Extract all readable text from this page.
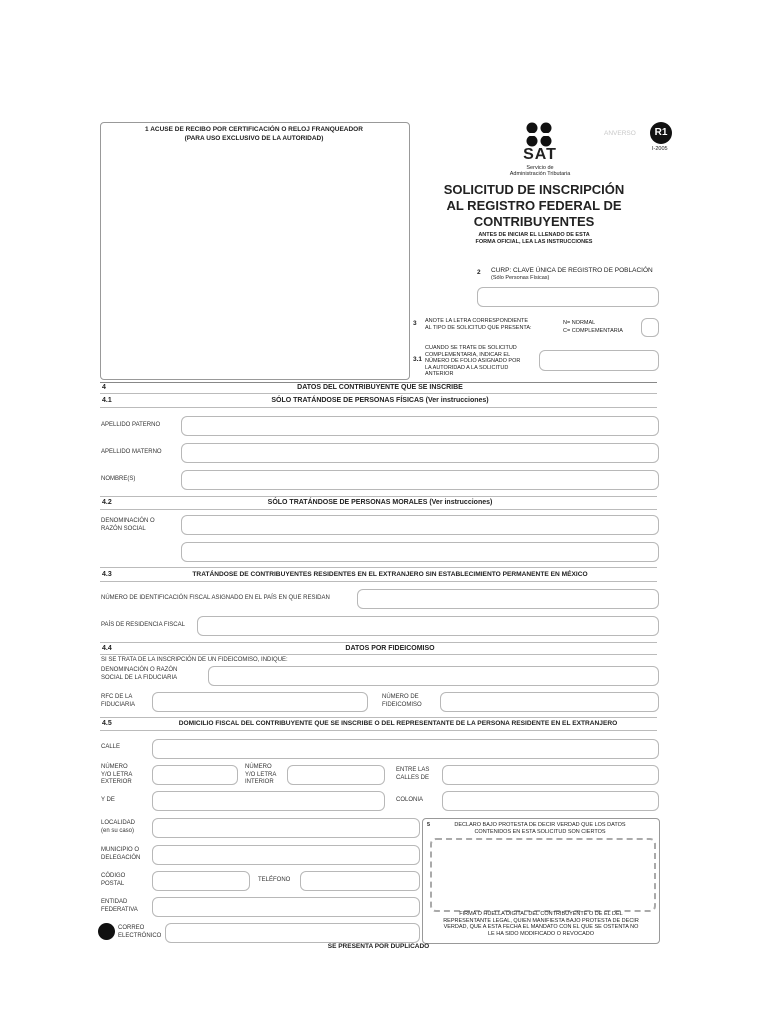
1 ACUSE DE RECIBO POR CERTIFICACIÓN O RELOJ FRANQUEADOR
(PARA USO EXCLUSIVO DE LA AUTORIDAD)
SAT
Servicio de
Administración Tributaria
ANVERSO	R1
I-2005
SOLICITUD DE INSCRIPCIÓN
AL REGISTRO FEDERAL DE
CONTRIBUYENTES
ANTES DE INICIAR EL LLENADO DE ESTA
FORMA OFICIAL, LEA LAS INSTRUCCIONES
2 CURP: CLAVE ÚNICA DE REGISTRO DE POBLACIÓN
(Sólo Personas Físicas)
3 ANOTE LA LETRA CORRESPONDIENTE
AL TIPO DE SOLICITUD QUE PRESENTA:
N= NORMAL
C= COMPLEMENTARIA
3.1
CUANDO SE TRATE DE SOLICITUD
COMPLEMENTARIA, INDICAR EL
NÚMERO DE FOLIO ASIGNADO POR
LA AUTORIDAD A LA SOLICITUD
ANTERIOR
4	DATOS DEL CONTRIBUYENTE QUE SE INSCRIBE
4.1	SÓLO TRATÁNDOSE DE PERSONAS FÍSICAS (Ver instrucciones)
APELLIDO PATERNO
APELLIDO MATERNO
NOMBRE(S)
4.2	SÓLO TRATÁNDOSE DE PERSONAS MORALES (Ver instrucciones)
DENOMINACIÓN O
RAZÓN SOCIAL
4.3	TRATÁNDOSE DE CONTRIBUYENTES RESIDENTES EN EL EXTRANJERO SIN ESTABLECIMIENTO PERMANENTE EN MÉXICO
NÚMERO DE IDENTIFICACIÓN FISCAL ASIGNADO EN EL PAÍS EN QUE RESIDAN
PAÍS DE RESIDENCIA FISCAL
4.4	DATOS POR FIDEICOMISO
SI SE TRATA DE LA INSCRIPCIÓN DE UN FIDEICOMISO, INDIQUE:
DENOMINACIÓN O RAZÓN
SOCIAL DE LA FIDUCIARIA
RFC DE LA
FIDUCIARIA
NÚMERO DE
FIDEICOMISO
4.5	DOMICILIO FISCAL DEL CONTRIBUYENTE QUE SE INSCRIBE O DEL REPRESENTANTE DE LA PERSONA RESIDENTE EN EL EXTRANJERO
CALLE
NÚMERO
Y/O LETRA
EXTERIOR
NÚMERO
Y/O LETRA
INTERIOR
ENTRE LAS
CALLES DE
Y DE	COLONIA
LOCALIDAD
(en su caso)
MUNICIPIO O
DELEGACIÓN
CÓDIGO
POSTAL
TELÉFONO
ENTIDAD
FEDERATIVA
CORREO
ELECTRÓNICO
5	DECLARO BAJO PROTESTA DE DECIR VERDAD QUE LOS DATOS
CONTENIDOS EN ESTA SOLICITUD SON CIERTOS
FIRMA O HUELLA DIGITAL DEL CONTRIBUYENTE O DE EL DEL
REPRESENTANTE LEGAL, QUIEN MANIFIESTA BAJO PROTESTA DE DECIR
VERDAD, QUE A ESTA FECHA EL MANDATO CON EL QUE SE OSTENTA NO
LE HA SIDO MODIFICADO O REVOCADO
SE PRESENTA POR DUPLICADO
